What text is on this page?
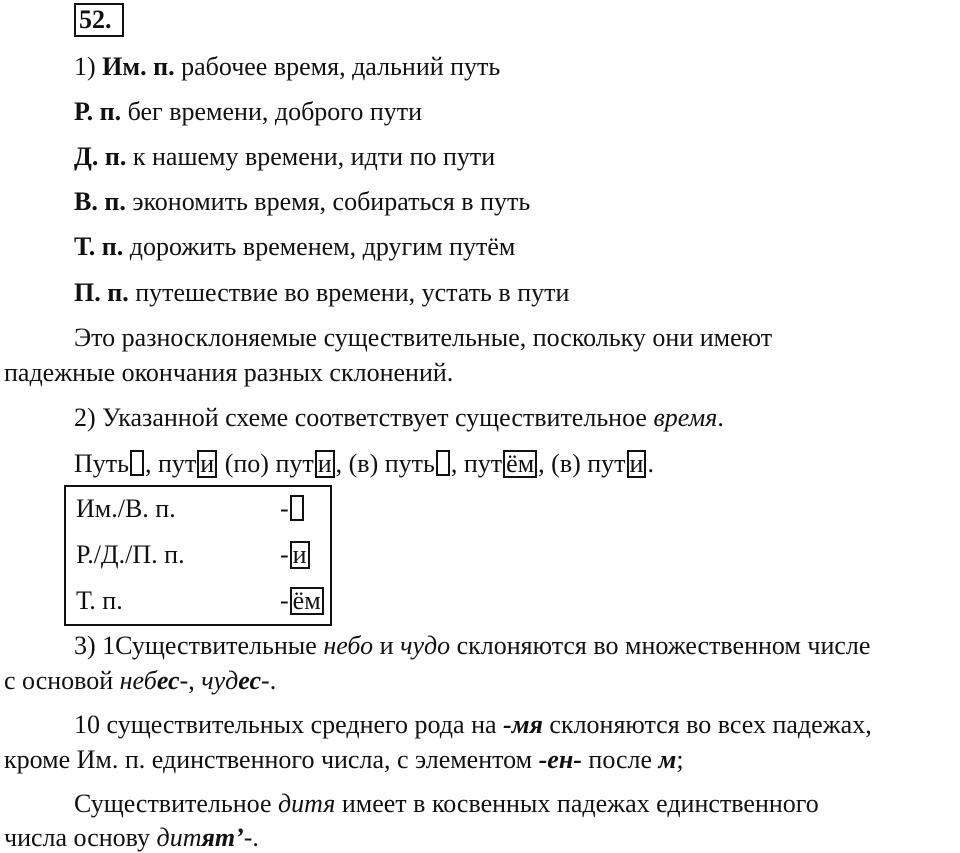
52.
1) Им. п. рабочее время, дальний путь
Р. п. бег времени, доброго пути
Д. п. к нашему времени, идти по пути
В. п. экономить время, собираться в путь
Т. п. дорожить временем, другим путём
П. п. путешествие во времени, устать в пути
Это разносклоняемые существительные, поскольку они имеют
падежные окончания разных склонений.
2) Указанной схеме соответствует существительное время.
Путь , пут и (по) пут и , (в) путь , пут ём , (в) пут и .
Им./В. п.	-
Р./Д./П. п.	- и
Т. п.	- ём
3) 1Существительные небо и чудо склоняются во множественном числе
с основой небес-, чудес-.
10 существительных среднего рода на -мя склоняются во всех падежах,
кроме Им. п. единственного числа, с элементом -ен- после м;
Существительное дитя имеет в косвенных падежах единственного
числа основу дитят’-.
